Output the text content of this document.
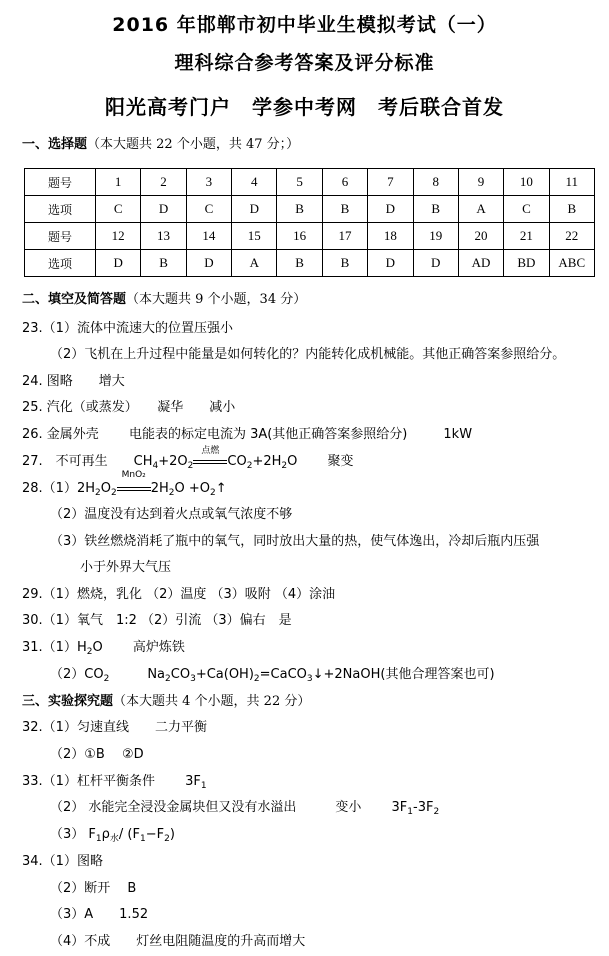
2016 年邯郸市初中毕业生模拟考试（一）
理科综合参考答案及评分标准
阳光高考门户　学参中考网　考后联合首发
一、选择题（本大题共 22 个小题，共 47 分；）
题号	1	2	3	4	5	6	7	8	9	10	11
选项	C	D	C	D	B	B	D	B	A	C	B
题号	12	13	14	15	16	17	18	19	20	21	22
选项	D	B	D	A	B	B	D	D	AD	BD	ABC
二、填空及简答题（本大题共 9 个小题，34 分）
23.（1）流体中流速大的位置压强小
（2）飞机在上升过程中能量是如何转化的？内能转化成机械能。其他正确答案参照给分。
24. 图略　　增大
25. 汽化（或蒸发）　　凝华　　减小
26. 金属外壳　　 电能表的标定电流为 3A(其他正确答案参照给分)	1kW
27.　不可再生　　$CH_4+2O_2$
点燃
$CO_2+2H_2O$　　 聚变
$28.(1)2H_2O_2$
MnO₂
$2H_2O$ $+O_2↑$
（2）温度没有达到着火点或氧气浓度不够
（3）铁丝燃烧消耗了瓶中的氧气，同时放出大量的热，使气体逸出，冷却后瓶内压强
小于外界大气压
29.（1）燃烧，乳化 （2）温度 （3）吸附 （4）涂油
30.（1）氧气　1:2 （2）引流 （3）偏右　是
$31.(1)H_2O$　　 高炉炼铁
$(2)CO_2$	$Na_2CO_3+Ca(OH)_2=CaCO_3↓+2NaOH$(其他合理答案也可)
三、实验探究题（本大题共 4 个小题，共 22 分）
32.（1）匀速直线　　二力平衡
（2）①B　 ②D
33.（1）杠杆平衡条件　　 $3F_1$
（2） 水能完全浸没金属块但又没有水溢出　　　变小　　 $3F_1-3F_2$
（3） $F_1\rho_水/$ $(F_1-F_2)$
34.（1）图略
（2）断开　 B
（3）A　　1.52
（4）不成　　灯丝电阻随温度的升高而增大
